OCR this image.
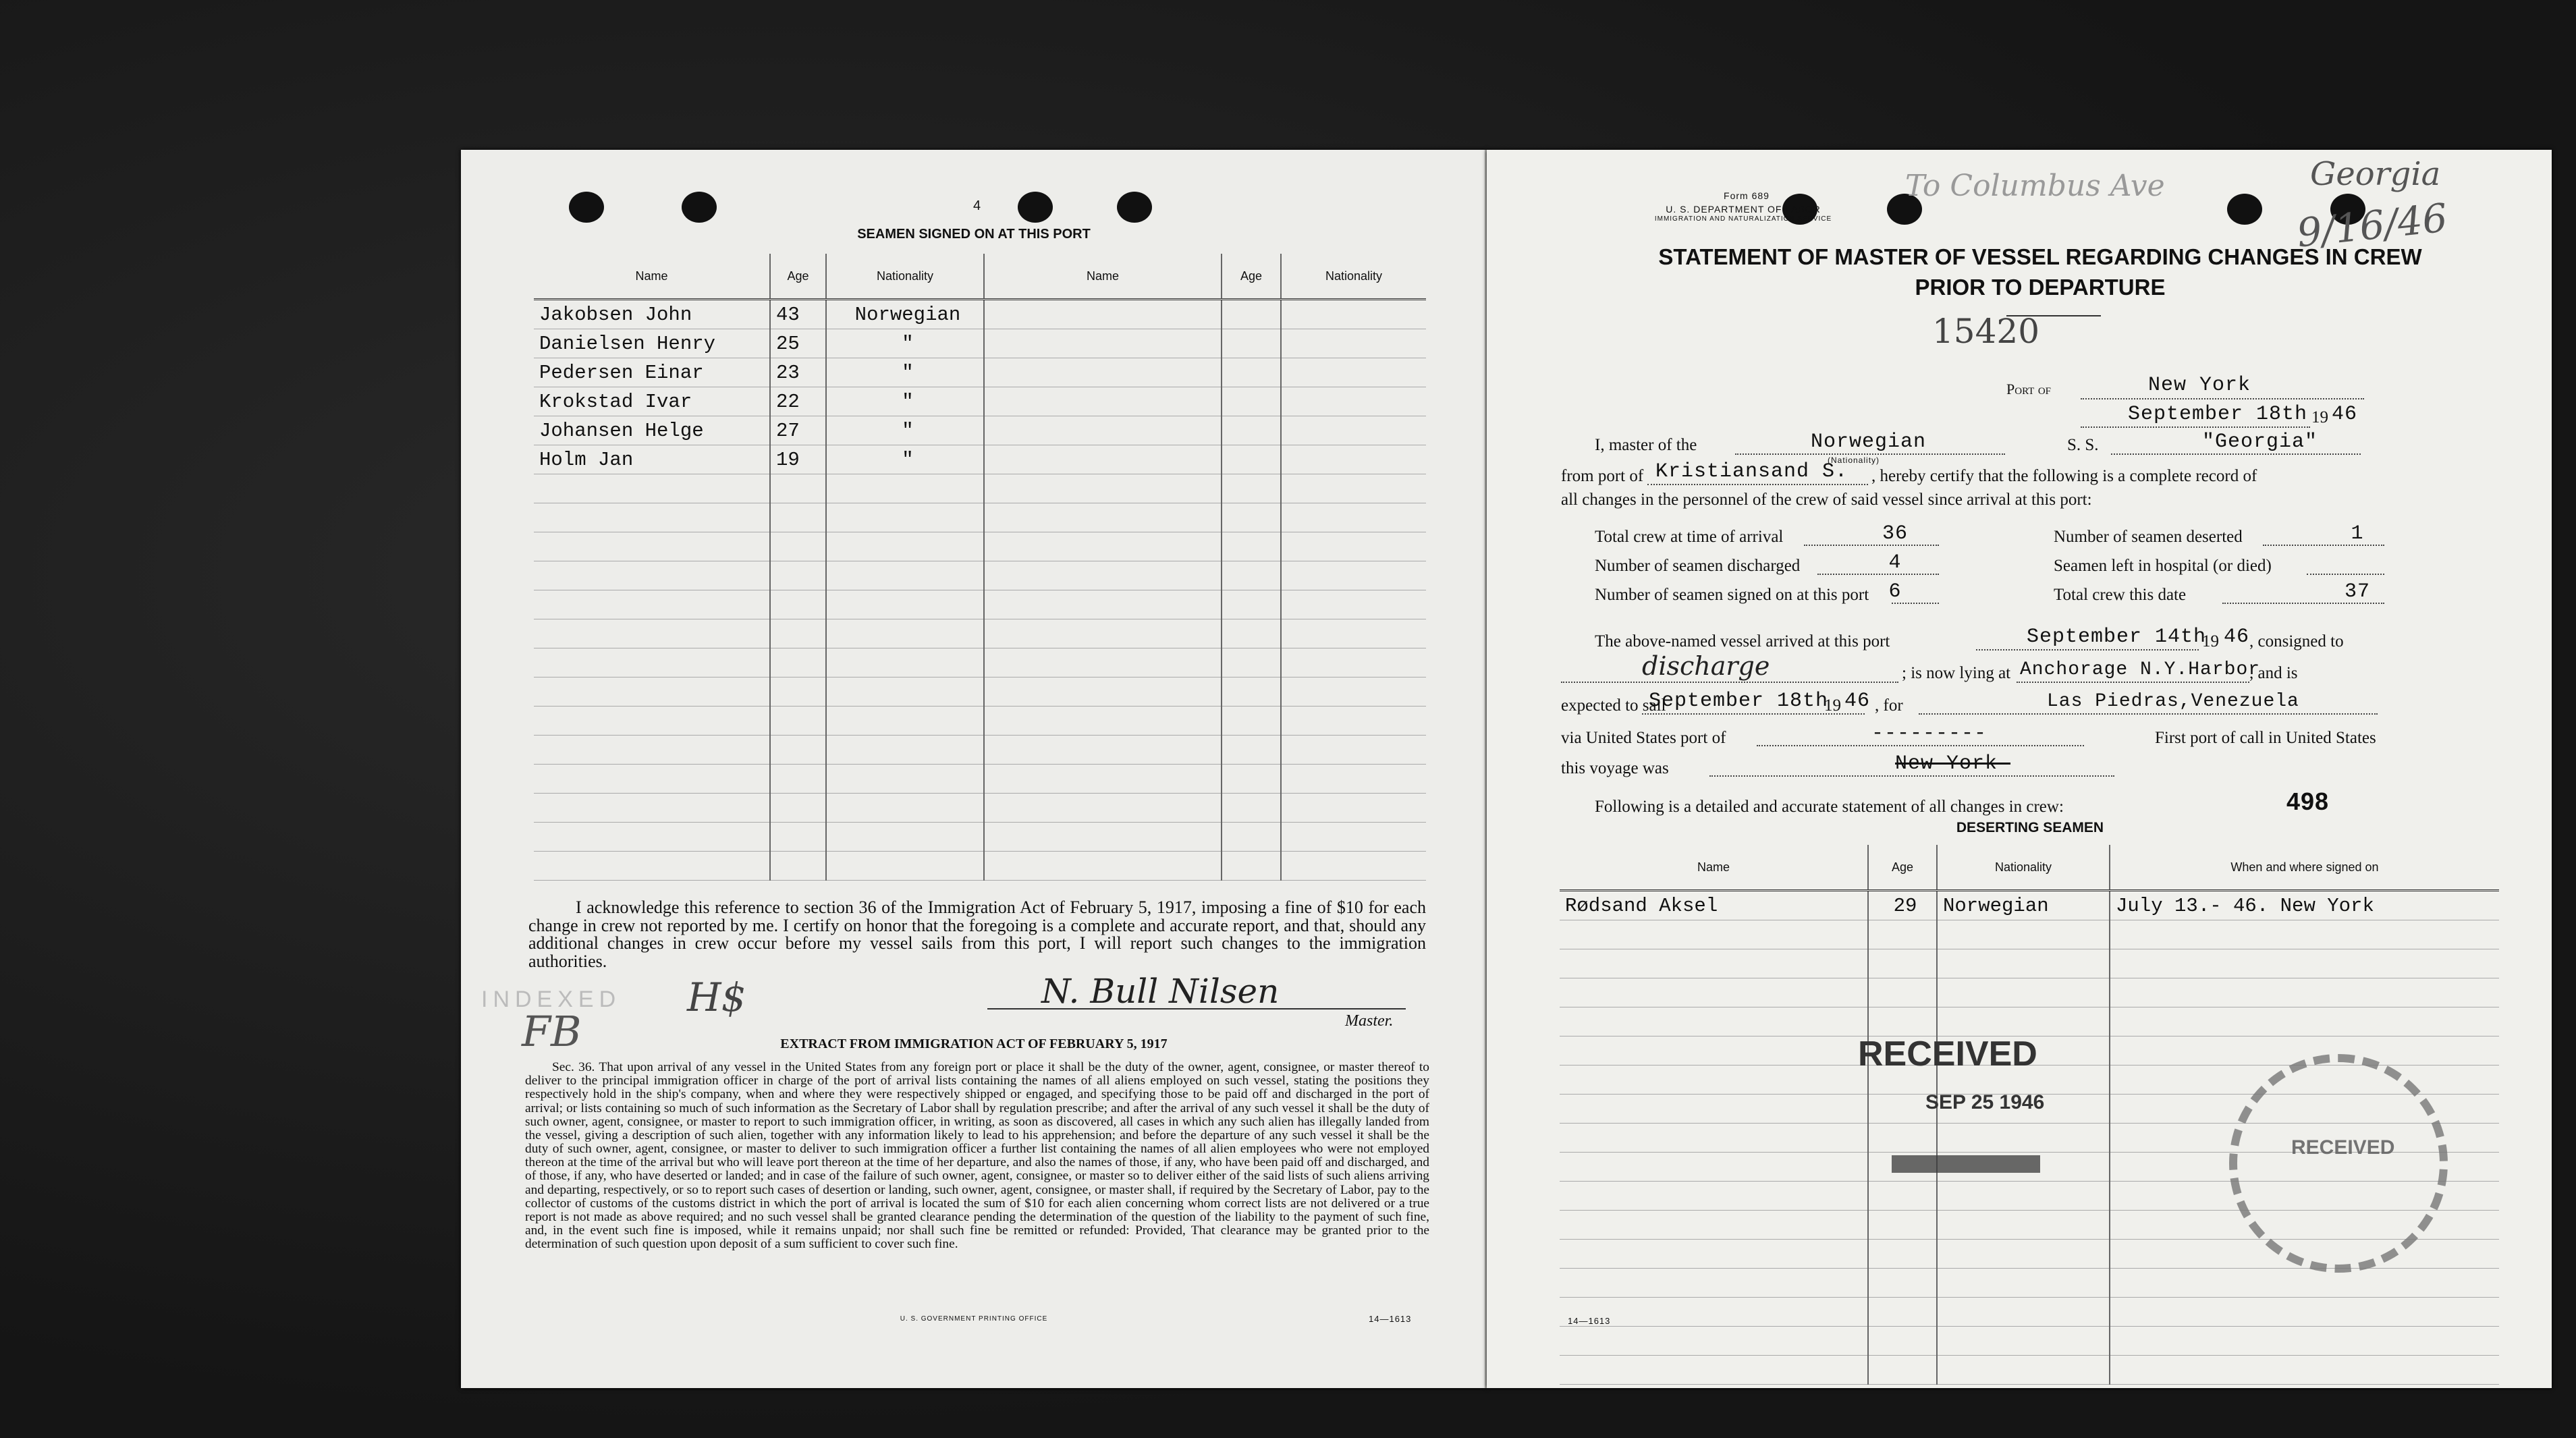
4
SEAMEN SIGNED ON AT THIS PORT
Name	Age	Nationality	Name	Age	Nationality
Jakobsen John	43	Norwegian			
Danielsen Henry	25	"			
Pedersen Einar	23	"			
Krokstad Ivar	22	"			
Johansen Helge	27	"			
Holm Jan	19	"			

I acknowledge this reference to section 36 of the Immigration Act of February 5, 1917, imposing a fine of $10 for each change in crew not reported by me. I certify on honor that the foregoing is a complete and accurate report, and that, should any additional changes in crew occur before my vessel sails from this port, I will report such changes to the immigration authorities.
INDEXED
FB
H$	N. Bull Nilsen
Master.
EXTRACT FROM IMMIGRATION ACT OF FEBRUARY 5, 1917
Sec. 36. That upon arrival of any vessel in the United States from any foreign port or place it shall be the duty of the owner, agent, consignee, or master thereof to deliver to the principal immigration officer in charge of the port of arrival lists containing the names of all aliens employed on such vessel, stating the positions they respectively hold in the ship's company, when and where they were respectively shipped or engaged, and specifying those to be paid off and discharged in the port of arrival; or lists containing so much of such information as the Secretary of Labor shall by regulation prescribe; and after the arrival of any such vessel it shall be the duty of such owner, agent, consignee, or master to report to such immigration officer, in writing, as soon as discovered, all cases in which any such alien has illegally landed from the vessel, giving a description of such alien, together with any information likely to lead to his apprehension; and before the departure of any such vessel it shall be the duty of such owner, agent, consignee, or master to deliver to such immigration officer a further list containing the names of all alien employees who were not employed thereon at the time of the arrival but who will leave port thereon at the time of her departure, and also the names of those, if any, who have been paid off and discharged, and of those, if any, who have deserted or landed; and in case of the failure of such owner, agent, consignee, or master so to deliver either of the said lists of such aliens arriving and departing, respectively, or so to report such cases of desertion or landing, such owner, agent, consignee, or master shall, if required by the Secretary of Labor, pay to the collector of customs of the customs district in which the port of arrival is located the sum of $10 for each alien concerning whom correct lists are not delivered or a true report is not made as above required; and no such vessel shall be granted clearance pending the determination of the question of the liability to the payment of such fine, and, in the event such fine is imposed, while it remains unpaid; nor shall such fine be remitted or refunded: Provided, That clearance may be granted prior to the determination of such question upon deposit of a sum sufficient to cover such fine.
U. S. GOVERNMENT PRINTING OFFICE	14—1613
Form 689
U. S. DEPARTMENT OF LABOR
IMMIGRATION AND NATURALIZATION SERVICE
To Columbus Ave	Georgia
9/16/46
STATEMENT OF MASTER OF VESSEL REGARDING CHANGES IN CREW
PRIOR TO DEPARTURE
15420
Port of	New York
September 18th 19 46
I, master of the	Norwegian
(Nationality)
S. S.	"Georgia"
from port of Kristiansand S. , hereby certify that the following is a complete record of
all changes in the personnel of the crew of said vessel since arrival at this port:
Total crew at time of arrival	36
Number of seamen discharged	4
Number of seamen signed on at this port 6
Number of seamen deserted	1
Seamen left in hospital (or died)
Total crew this date	37
The above-named vessel arrived at this port	September 14th
19 46 , consigned to
discharge	; is now lying at Anchorage N.Y.Harbor
, and is
expected to sail
September 18th
19 46 , for	Las Piedras,Venezuela
via United States port of	---------	First port of call in United States
this voyage was	New-York-
Following is a detailed and accurate statement of all changes in crew:	498
DESERTING SEAMEN
Name	Age	Nationality	When and where signed on
Rødsand Aksel	29	Norwegian	July 13.- 46. New York

RECEIVED
SEP 25 1946
RECEIVED
14—1613
